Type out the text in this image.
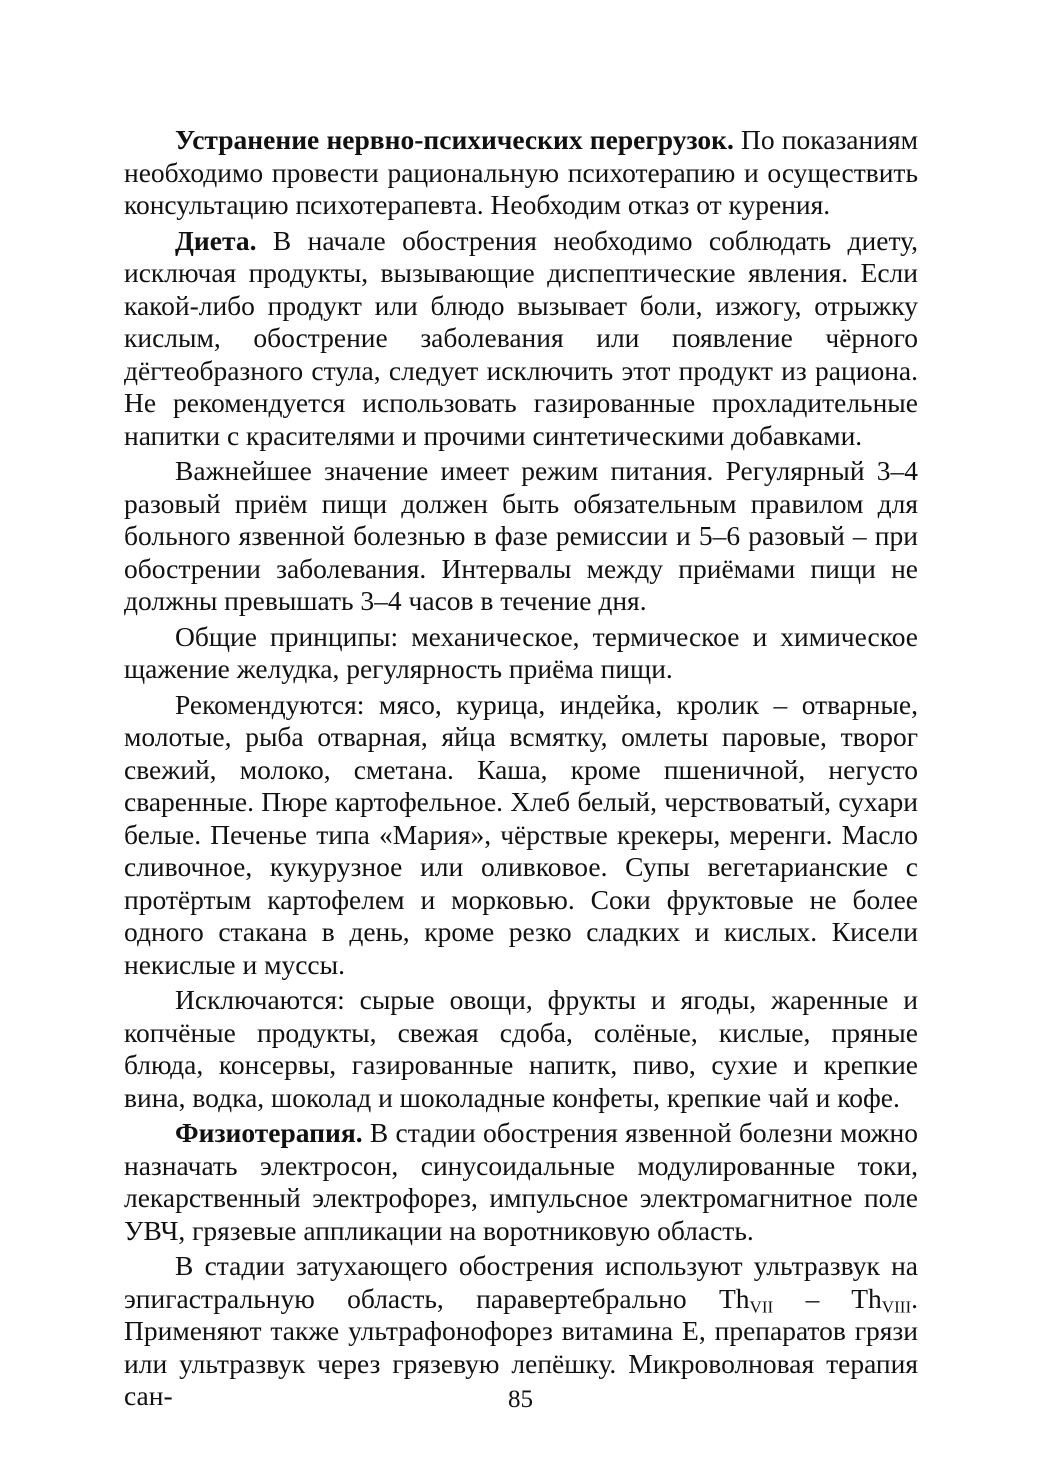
Устранение нервно-психических перегрузок. По показаниям необходимо провести рациональную психотерапию и осуществить консультацию психотерапевта. Необходим отказ от курения.

Диета. В начале обострения необходимо соблюдать диету, исключая продукты, вызывающие диспептические явления. Если какой-либо продукт или блюдо вызывает боли, изжогу, отрыжку кислым, обострение заболевания или появление чёрного дёгтеобразного стула, следует исключить этот продукт из рациона. Не рекомендуется использовать газированные прохладительные напитки с красителями и прочими синтетическими добавками.

Важнейшее значение имеет режим питания. Регулярный 3–4 разовый приём пищи должен быть обязательным правилом для больного язвенной болезнью в фазе ремиссии и 5–6 разовый – при обострении заболевания. Интервалы между приёмами пищи не должны превышать 3–4 часов в течение дня.

Общие принципы: механическое, термическое и химическое щажение желудка, регулярность приёма пищи.

Рекомендуются: мясо, курица, индейка, кролик – отварные, молотые, рыба отварная, яйца всмятку, омлеты паровые, творог свежий, молоко, сметана. Каша, кроме пшеничной, негусто сваренные. Пюре картофельное. Хлеб белый, черствоватый, сухари белые. Печенье типа «Мария», чёрствые крекеры, меренги. Масло сливочное, кукурузное или оливковое. Супы вегетарианские с протёртым картофелем и морковью. Соки фруктовые не более одного стакана в день, кроме резко сладких и кислых. Кисели некислые и муссы.

Исключаются: сырые овощи, фрукты и ягоды, жаренные и копчёные продукты, свежая сдоба, солёные, кислые, пряные блюда, консервы, газированные напитк, пиво, сухие и крепкие вина, водка, шоколад и шоколадные конфеты, крепкие чай и кофе.

Физиотерапия. В стадии обострения язвенной болезни можно назначать электросон, синусоидальные модулированные токи, лекарственный электрофорез, импульсное электромагнитное поле УВЧ, грязевые аппликации на воротниковую область.

В стадии затухающего обострения используют ультразвук на эпигастральную область, паравертебрально $Th_{VII} - Th_{VIII}$. Применяют также ультрафонофорез витамина Е, препаратов грязи или ультразвук через грязевую лепёшку. Микроволновая терапия сан-	85
